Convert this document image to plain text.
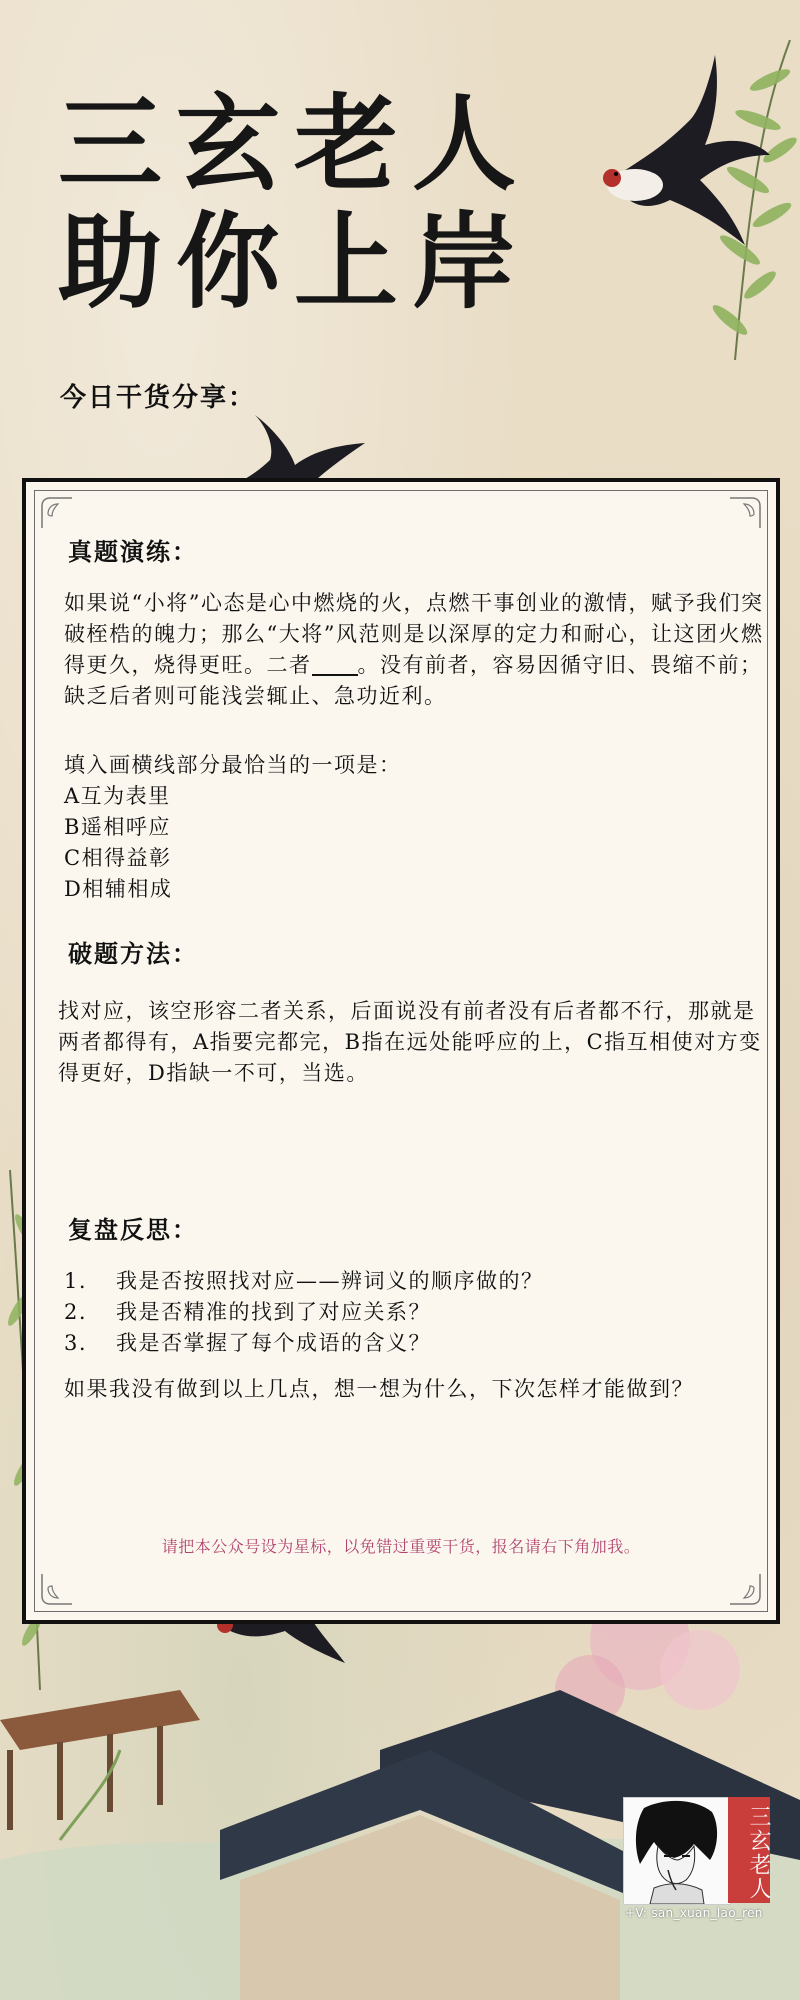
三玄老人
助你上岸
今日干货分享：
真题演练：
如果说“小将”心态是心中燃烧的火，点燃干事创业的激情，赋予我们突破桎梏的魄力；那么“大将”风范则是以深厚的定力和耐心，让这团火燃得更久，烧得更旺。二者 。没有前者，容易因循守旧、畏缩不前；缺乏后者则可能浅尝辄止、急功近利。

填入画横线部分最恰当的一项是：

A互为表里
B遥相呼应
C相得益彰
D相辅相成
破题方法：
找对应，该空形容二者关系，后面说没有前者没有后者都不行，那就是两者都得有，A指要完都完，B指在远处能呼应的上，C指互相使对方变得更好，D指缺一不可，当选。
复盘反思：
1.	我是否按照找对应——辨词义的顺序做的？
2.	我是否精准的找到了对应关系？
3.	我是否掌握了每个成语的含义？
如果我没有做到以上几点，想一想为什么，下次怎样才能做到？
请把本公众号设为星标，以免错过重要干货，报名请右下角加我。
三玄老人
+V: san_xuan_lao_ren
